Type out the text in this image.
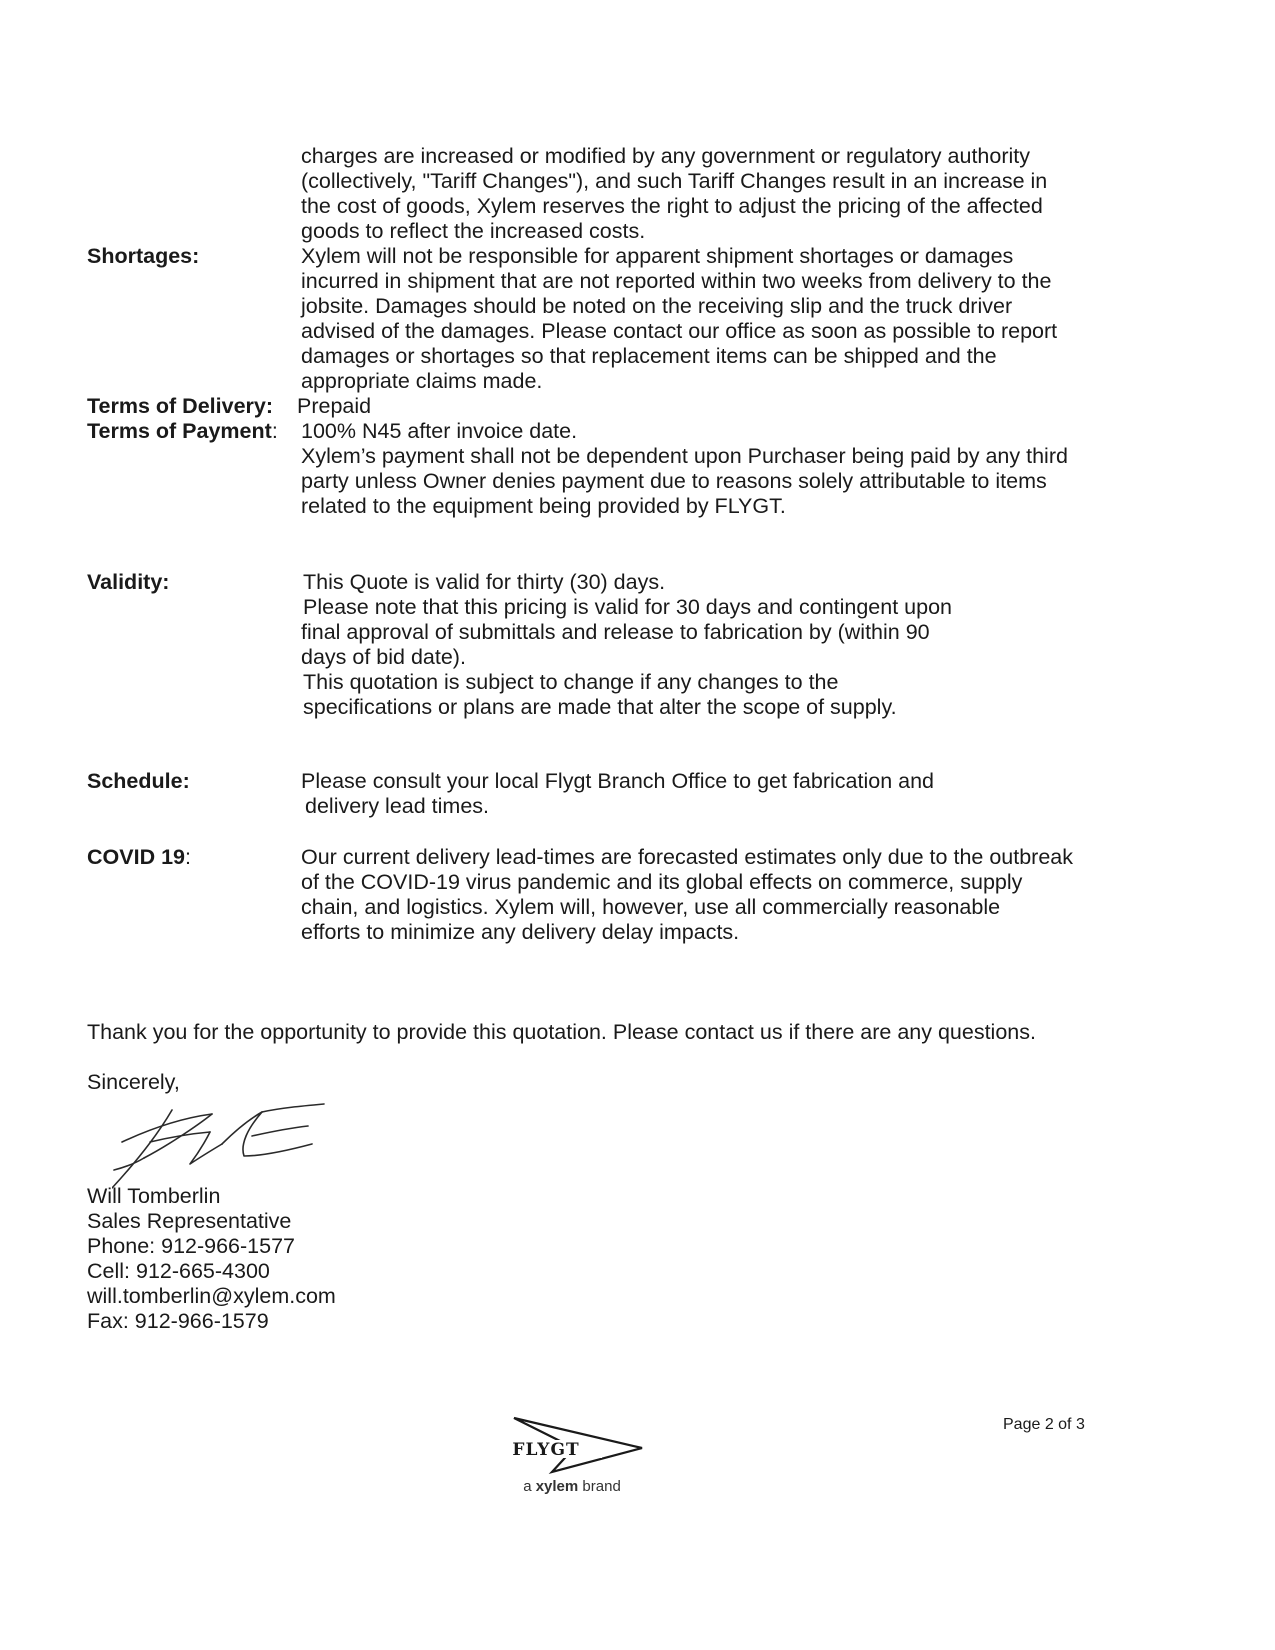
charges are increased or modified by any government or regulatory authority
(collectively, "Tariff Changes"), and such Tariff Changes result in an increase in
the cost of goods, Xylem reserves the right to adjust the pricing of the affected
goods to reflect the increased costs.
Shortages:	Xylem will not be responsible for apparent shipment shortages or damages
incurred in shipment that are not reported within two weeks from delivery to the
jobsite. Damages should be noted on the receiving slip and the truck driver
advised of the damages. Please contact our office as soon as possible to report
damages or shortages so that replacement items can be shipped and the
appropriate claims made.
Terms of Delivery: Prepaid
Terms of Payment: 100% N45 after invoice date.
Xylem’s payment shall not be dependent upon Purchaser being paid by any third
party unless Owner denies payment due to reasons solely attributable to items
related to the equipment being provided by FLYGT.
Validity:	This Quote is valid for thirty (30) days.
Please note that this pricing is valid for 30 days and contingent upon
final approval of submittals and release to fabrication by (within 90
days of bid date).
This quotation is subject to change if any changes to the
specifications or plans are made that alter the scope of supply.
Schedule:	Please consult your local Flygt Branch Office to get fabrication and
delivery lead times.
COVID 19:	Our current delivery lead-times are forecasted estimates only due to the outbreak
of the COVID-19 virus pandemic and its global effects on commerce, supply
chain, and logistics. Xylem will, however, use all commercially reasonable
efforts to minimize any delivery delay impacts.
Thank you for the opportunity to provide this quotation. Please contact us if there are any questions.
Sincerely,
Will Tomberlin
Sales Representative
Phone: 912-966-1577
Cell: 912-665-4300
will.tomberlin@xylem.com
Fax: 912-966-1579
Page 2 of 3
FLYGT
a xylem brand
